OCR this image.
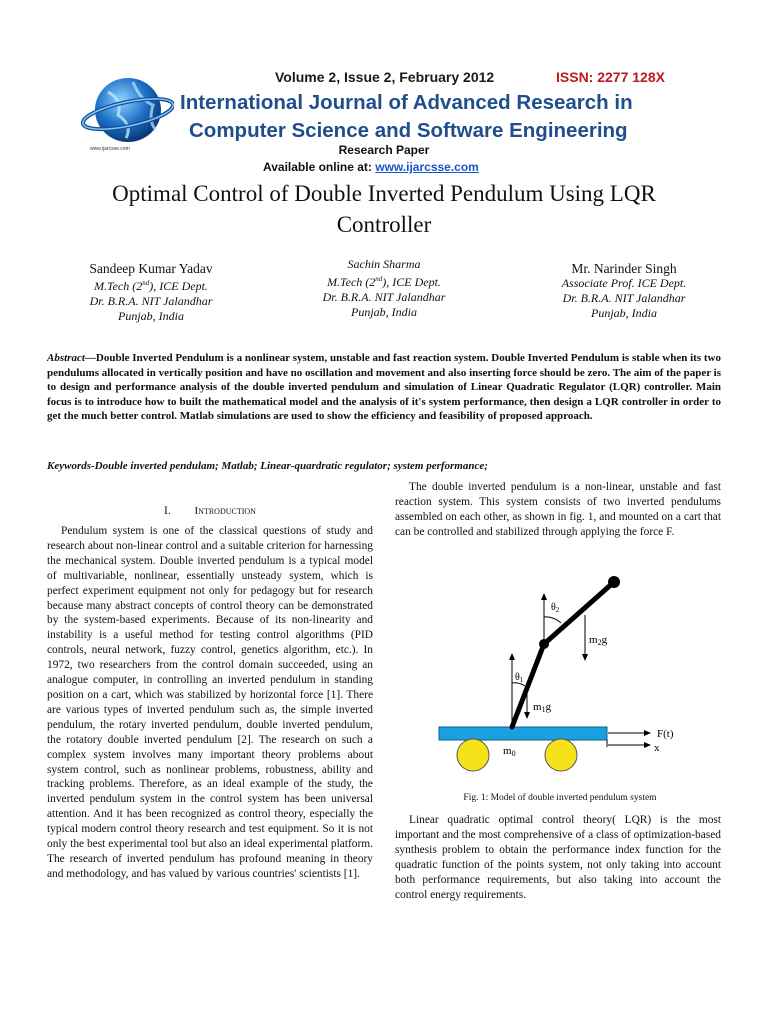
www.ijarcsse.com
Volume 2, Issue 2, February 2012	ISSN: 2277 128X
International Journal of Advanced Research in
Computer Science and Software Engineering
Research Paper
Available online at: www.ijarcsse.com
Optimal Control of Double Inverted Pendulum Using LQR
Controller
Sandeep Kumar Yadav
M.Tech (2nd), ICE Dept.
Dr. B.R.A. NIT Jalandhar
Punjab, India
Sachin Sharma
M.Tech (2nd), ICE Dept.
Dr. B.R.A. NIT Jalandhar
Punjab, India
Mr. Narinder Singh
Associate Prof. ICE Dept.
Dr. B.R.A. NIT Jalandhar
Punjab, India
Abstract—Double Inverted Pendulum is a nonlinear system, unstable and fast reaction system. Double Inverted Pendulum is stable when its two pendulums allocated in vertically position and have no oscillation and movement and also inserting force should be zero. The aim of the paper is to design and performance analysis of the double inverted pendulum and simulation of Linear Quadratic Regulator (LQR) controller. Main focus is to introduce how to built the mathematical model and the analysis of it's system performance, then design a LQR controller in order to get the much better control. Matlab simulations are used to show the efficiency and feasibility of proposed approach.
Keywords-Double inverted pendulam; Matlab; Linear-quardratic regulator; system performance;
I. Introduction

Pendulum system is one of the classical questions of study and research about non-linear control and a suitable criterion for harnessing the mechanical system. Double inverted pendulum is a typical model of multivariable, nonlinear, essentially unsteady system, which is perfect experiment equipment not only for pedagogy but for research because many abstract concepts of control theory can be demonstrated by the system-based experiments. Because of its non-linearity and instability is a useful method for testing control algorithms (PID controls, neural network, fuzzy control, genetics algorithm, etc.). In 1972, two researchers from the control domain succeeded, using an analogue computer, in controlling an inverted pendulum in standing position on a cart, which was stabilized by horizontal force [1]. There are various types of inverted pendulum such as, the simple inverted pendulum, the rotary inverted pendulum, double inverted pendulum, the rotatory double inverted pendulum [2]. The research on such a complex system involves many important theory problems about system control, such as nonlinear problems, robustness, ability and tracking problems. Therefore, as an ideal example of the study, the inverted pendulum system in the control system has been universal attention. And it has been recognized as control theory, especially the typical modern control theory research and test equipment. So it is not only the best experimental tool but also an ideal experimental platform. The research of inverted pendulum has profound meaning in theory and methodology, and has valued by various countries' scientists [1].

The double inverted pendulum is a non-linear, unstable and fast reaction system. This system consists of two inverted pendulums assembled on each other, as shown in fig. 1, and mounted on a cart that can be controlled and stabilized through applying the force F.

$\theta_2$
$\theta_1$
m2g
m1g
m0
F(t)
x
Fig. 1: Model of double inverted pendulum system

Linear quadratic optimal control theory( LQR) is the most important and the most comprehensive of a class of optimization-based synthesis problem to obtain the performance index function for the quadratic function of the points system, not only taking into account both performance requirements, but also taking into account the control energy requirements.
